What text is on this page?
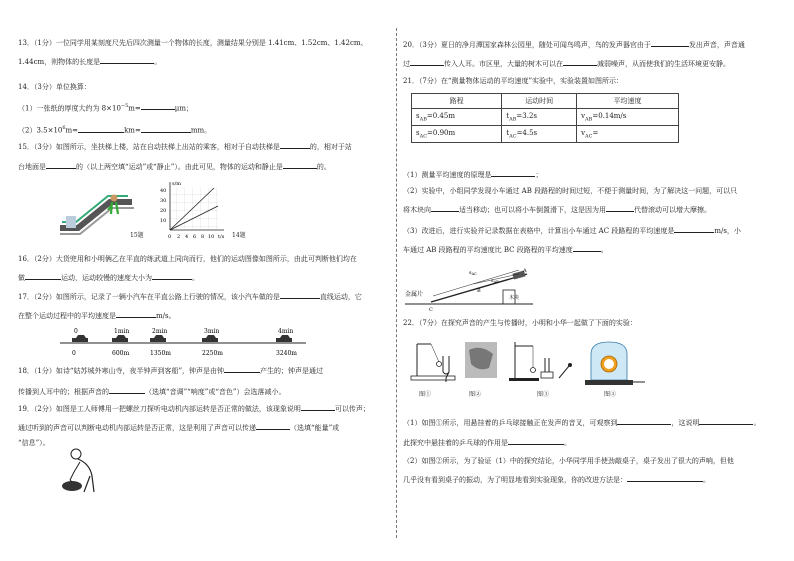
13．（1分）一位同学用某刻度尺先后四次测量一个物体的长度，测量结果分别是 1.41cm、1.52cm、1.42cm、
1.44cm，则物体的长度是	。
14．（3分）单位换算：
（1）一张纸的厚度大约为 $8\times 10^{-5}m=$	μm；
$(2)3.5\times 10^6m=$	km=	mm。
15．（3分）如图所示，坐扶梯上楼，站在自动扶梯上出站的乘客，相对于自动扶梯是	的，相对于站
台地面是	的（以上两空填“运动”或“静止”）。由此可见，物体的运动和静止是	的。
15题
s/m
t/s
10
20
30
40
0 2 4 6 8 10	14题
16．（2分）大货兜用和小明俩乙在平直的练武道上同向而行，他们的运动图像如图所示，由此可判断他们均在
做	运动，运动较慢的速度大小为	。
17．（2分）如图所示，记录了一辆小汽车在平直公路上行驶的情况，该小汽车做的是	直线运动，它
在整个运动过程中的平均速度是	m/s。
0
0
1min
600m
2min
1350m
3min
2250m
4min
3240m
18．（1分）如诗“姑苏城外寒山寺，夜半钟声到客船”，钟声是由钟	产生的；钟声是通过
传播到人耳中的；根据声音的	（选填“音调”“响度”或“音色”）会选落减小。
19．（2分）如图是工人师傅用一把螺丝刀探听电动机内部运转是否正常的做法，该现象说明	可以传声；
通过听到的声音可以判断电动机内部运转是否正常，这是利用了声音可以传递	（选填“能量”或
“信息”）。
20．（3分）夏日的净月潭国家森林公园里，随处可闻鸟鸣声，鸟的发声器官由于	发出声音，声音通
过	传入人耳。市区里，大量的树木可以在	减弱噪声，从而使我们的生活环境更安静。
21．（7分）在“测量物体运动的平均速度”实验中，实验装置如图所示：
路程	运动时间	平均速度
$s_{AB}=0.45m$	$t_{AB}=3.2s$	$v_{AB}=0.14m/s$
$s_{AC}=0.90m$	$t_{AC}=4.5s$	$v_{AC}=$
（1）测量平均速度的原理是	；
（2）实验中，小组同学发现小车通过 AB 段路程的时间过短，不便于测量时间，为了解决这一问题，可以只
将木块向	适当移动；也可以将小车倒置滑下，这是因为用	代替滚动可以增大摩擦。
（3）改进后，进行实验并记录数据在表格中，计算出小车通过 AC 段路程的平均速度是	m/s，小
车通过 AB 段路程的平均速度比 BC 段路程的平均速度	。
$s_{AC}$
$s_{AB}$
金属片	木块
A
B
C
22．（7分）在探究声音的产生与传播时，小明和小华一起做了下面的实验：
图①	图②	图③	图④
（1）如图①所示，用悬挂着的乒乓球接触正在发声的音叉，可观察到	，这说明	。
此探究中悬挂着的乒乓球的作用是	。
（2）如图②所示，为了验证（1）中的探究结论，小华同学用手使劲敲桌子，桌子发出了很大的声响，但他
几乎没有看到桌子的振动，为了明显地看到实验现象，你的改进方法是：	。
